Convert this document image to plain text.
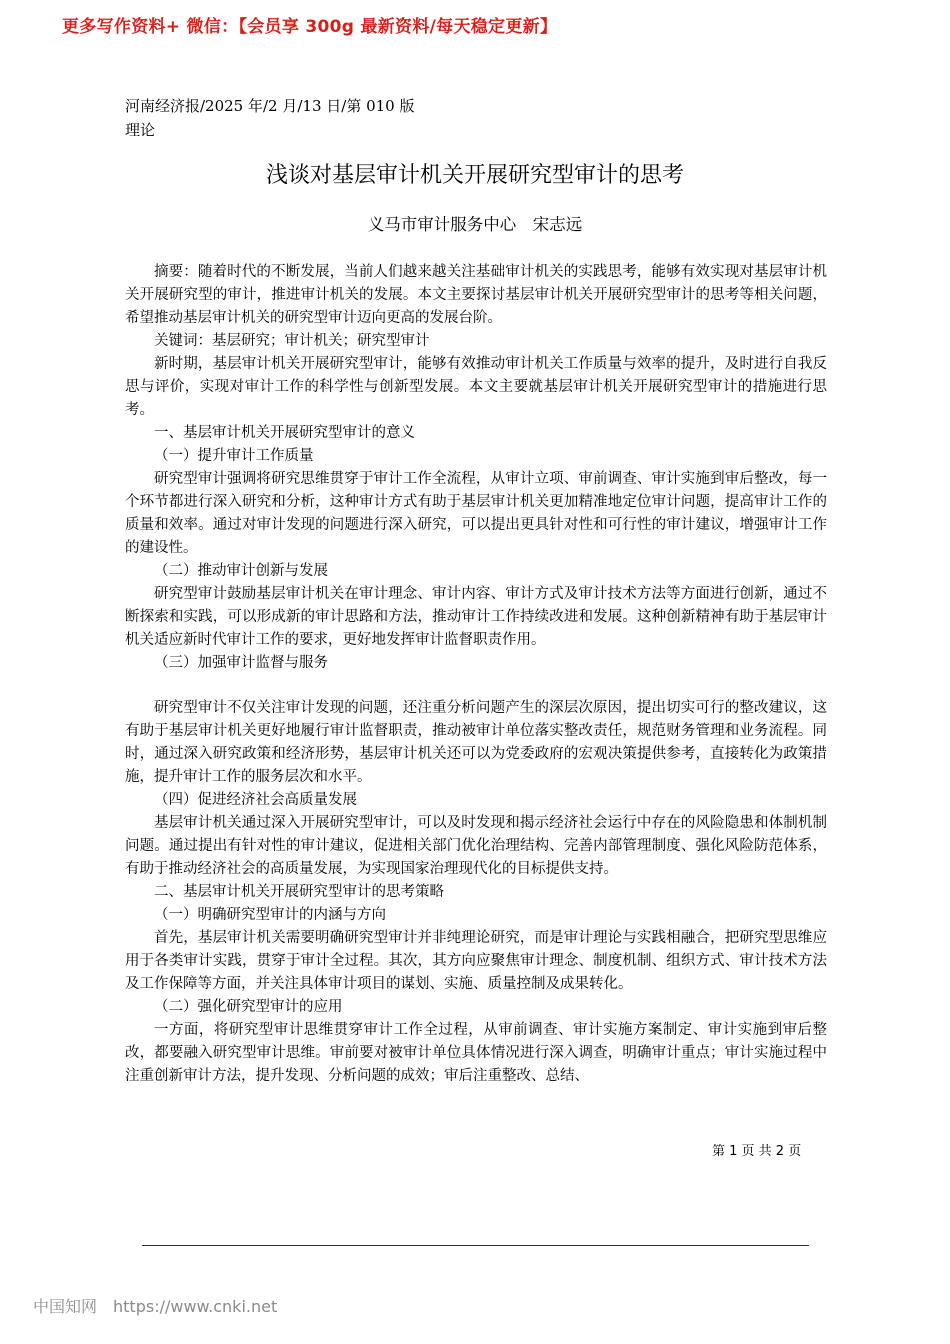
更多写作资料+ 微信：【会员享 300g 最新资料/每天稳定更新】
河南经济报/2025 年/2 月/13 日/第 010 版理论
浅谈对基层审计机关开展研究型审计的思考
义马市审计服务中心　宋志远

摘要：随着时代的不断发展，当前人们越来越关注基础审计机关的实践思考，能够有效实现对基层审计机关开展研究型的审计，推进审计机关的发展。本文主要探讨基层审计机关开展研究型审计的思考等相关问题，希望推动基层审计机关的研究型审计迈向更高的发展台阶。

关键词：基层研究；审计机关；研究型审计

新时期，基层审计机关开展研究型审计，能够有效推动审计机关工作质量与效率的提升，及时进行自我反思与评价，实现对审计工作的科学性与创新型发展。本文主要就基层审计机关开展研究型审计的措施进行思考。

一、基层审计机关开展研究型审计的意义

（一）提升审计工作质量

研究型审计强调将研究思维贯穿于审计工作全流程，从审计立项、审前调查、审计实施到审后整改，每一个环节都进行深入研究和分析，这种审计方式有助于基层审计机关更加精准地定位审计问题，提高审计工作的质量和效率。通过对审计发现的问题进行深入研究，可以提出更具针对性和可行性的审计建议，增强审计工作的建设性。

（二）推动审计创新与发展

研究型审计鼓励基层审计机关在审计理念、审计内容、审计方式及审计技术方法等方面进行创新，通过不断探索和实践，可以形成新的审计思路和方法，推动审计工作持续改进和发展。这种创新精神有助于基层审计机关适应新时代审计工作的要求，更好地发挥审计监督职责作用。

（三）加强审计监督与服务

研究型审计不仅关注审计发现的问题，还注重分析问题产生的深层次原因，提出切实可行的整改建议，这有助于基层审计机关更好地履行审计监督职责，推动被审计单位落实整改责任，规范财务管理和业务流程。同时，通过深入研究政策和经济形势，基层审计机关还可以为党委政府的宏观决策提供参考，直接转化为政策措施，提升审计工作的服务层次和水平。

（四）促进经济社会高质量发展

基层审计机关通过深入开展研究型审计，可以及时发现和揭示经济社会运行中存在的风险隐患和体制机制问题。通过提出有针对性的审计建议，促进相关部门优化治理结构、完善内部管理制度、强化风险防范体系，有助于推动经济社会的高质量发展，为实现国家治理现代化的目标提供支持。

二、基层审计机关开展研究型审计的思考策略

（一）明确研究型审计的内涵与方向

首先，基层审计机关需要明确研究型审计并非纯理论研究，而是审计理论与实践相融合，把研究型思维应用于各类审计实践，贯穿于审计全过程。其次，其方向应聚焦审计理念、制度机制、组织方式、审计技术方法及工作保障等方面，并关注具体审计项目的谋划、实施、质量控制及成果转化。

（二）强化研究型审计的应用

一方面，将研究型审计思维贯穿审计工作全过程，从审前调查、审计实施方案制定、审计实施到审后整改，都要融入研究型审计思维。审前要对被审计单位具体情况进行深入调查，明确审计重点；审计实施过程中注重创新审计方法，提升发现、分析问题的成效；审后注重整改、总结、

第 1 页 共 2 页
中国知网 https://www.cnki.net
